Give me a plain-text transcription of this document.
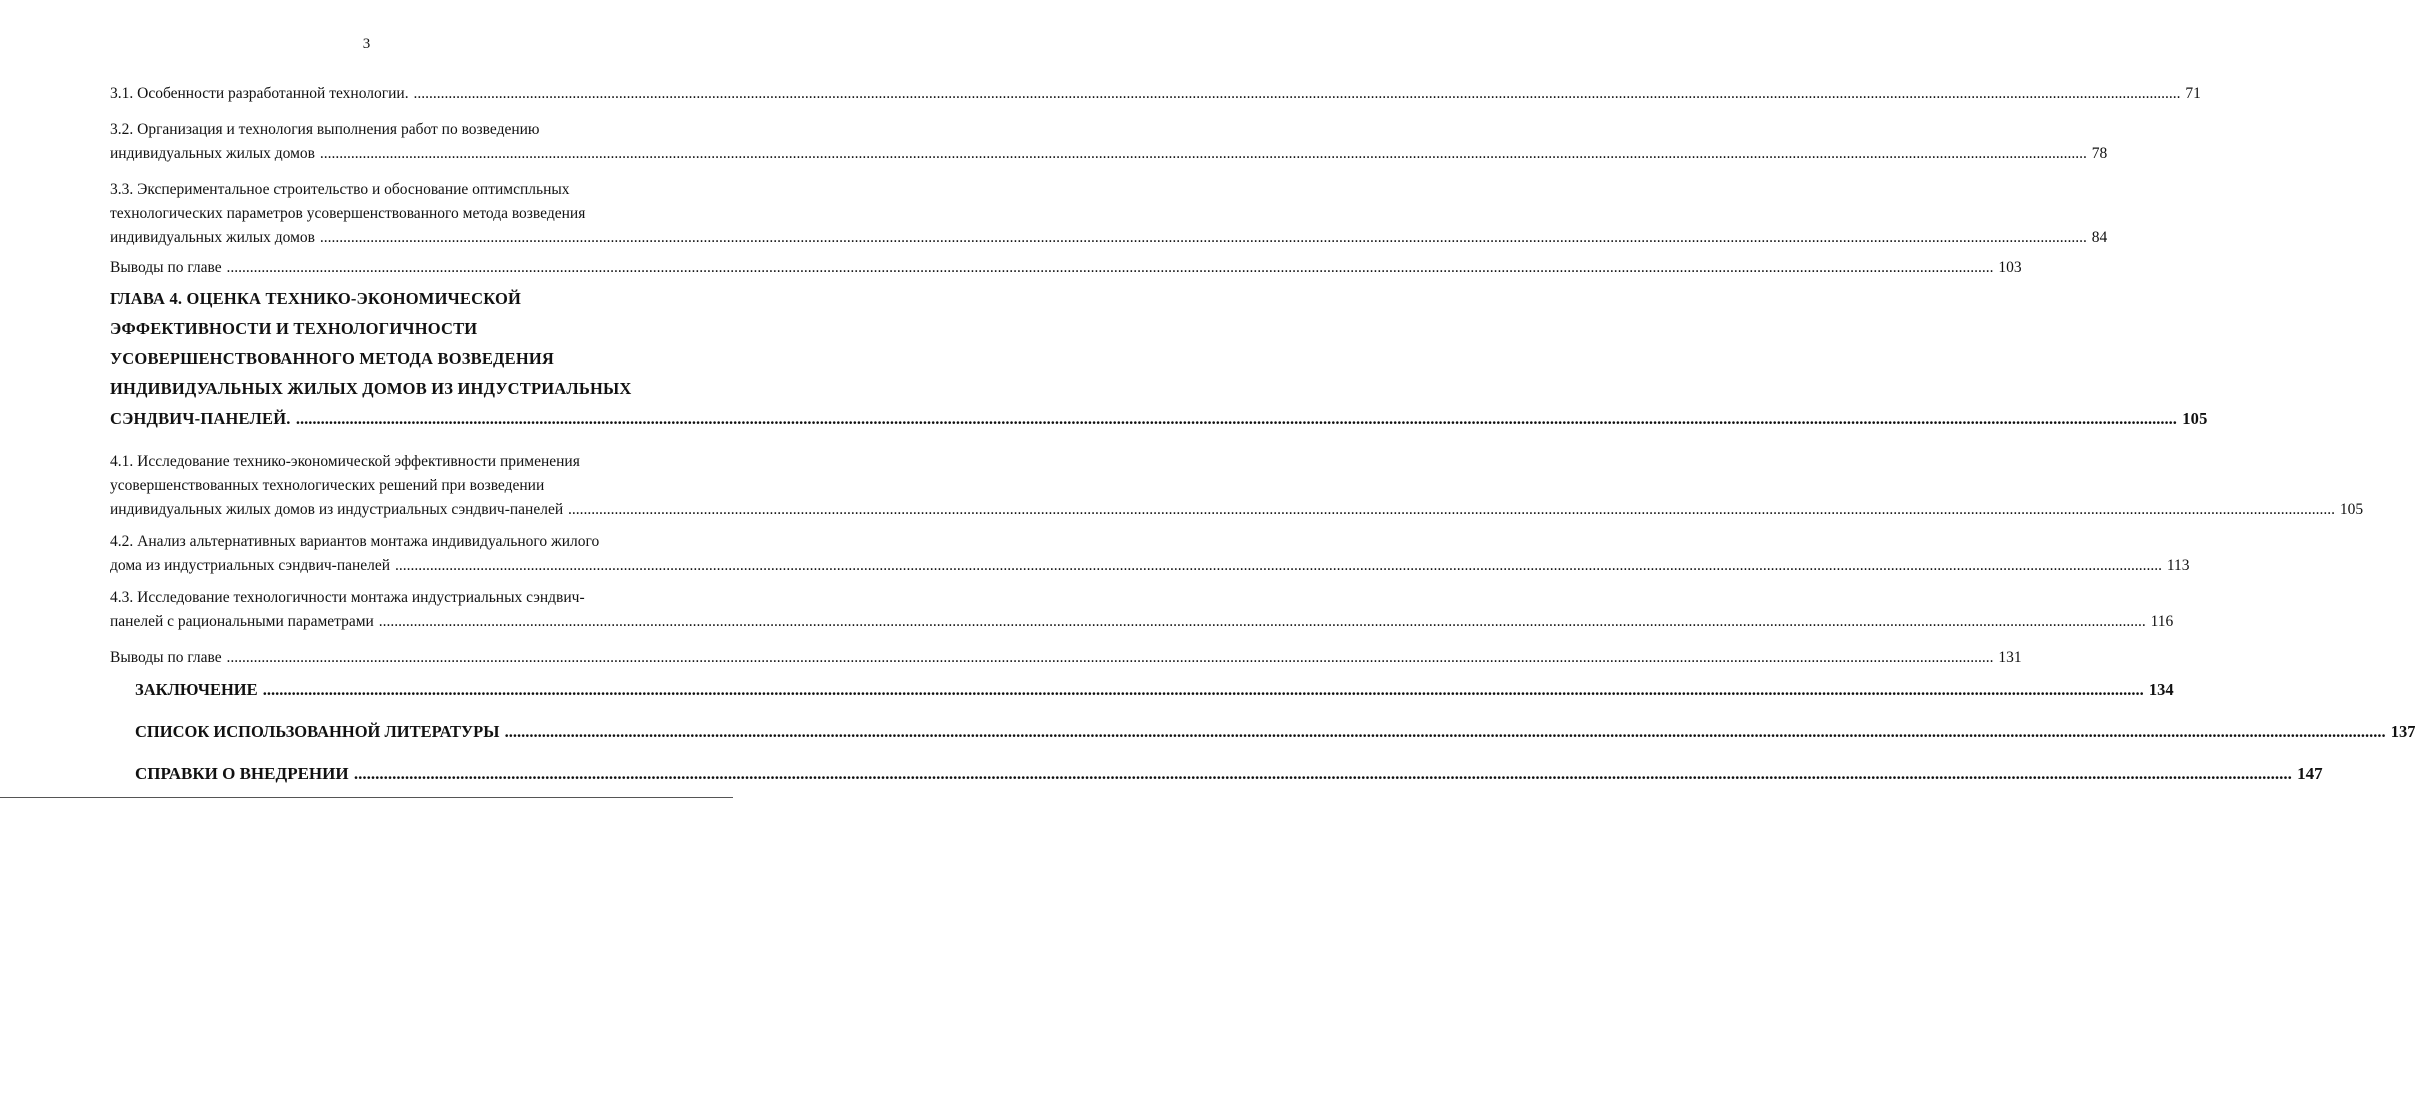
3
3.1. Особенности разработанной технологии. .....	71
3.2. Организация и технология выполнения работ по возведению
индивидуальных жилых домов .....	78
3.3. Экспериментальное строительство и обоснование оптимспльных
технологических параметров усовершенствованного метода возведения
индивидуальных жилых домов .....	84
Выводы по главе .....	103
ГЛАВА 4. ОЦЕНКА ТЕХНИКО-ЭКОНОМИЧЕСКОЙ
ЭФФЕКТИВНОСТИ И ТЕХНОЛОГИЧНОСТИ
УСОВЕРШЕНСТВОВАННОГО МЕТОДА ВОЗВЕДЕНИЯ
ИНДИВИДУАЛЬНЫХ ЖИЛЫХ ДОМОВ ИЗ ИНДУСТРИАЛЬНЫХ
СЭНДВИЧ-ПАНЕЛЕЙ. .....	105
4.1. Исследование технико-экономической эффективности применения
усовершенствованных технологических решений при возведении
индивидуальных жилых домов из индустриальных сэндвич-панелей .....	105
4.2. Анализ альтернативных вариантов монтажа индивидуального жилого
дома из индустриальных сэндвич-панелей .....	113
4.3. Исследование технологичности монтажа индустриальных сэндвич-
панелей с рациональными параметрами .....	116
Выводы по главе .....	131
ЗАКЛЮЧЕНИЕ .....	134
СПИСОК ИСПОЛЬЗОВАННОЙ ЛИТЕРАТУРЫ .....	137
СПРАВКИ О ВНЕДРЕНИИ .....	147
